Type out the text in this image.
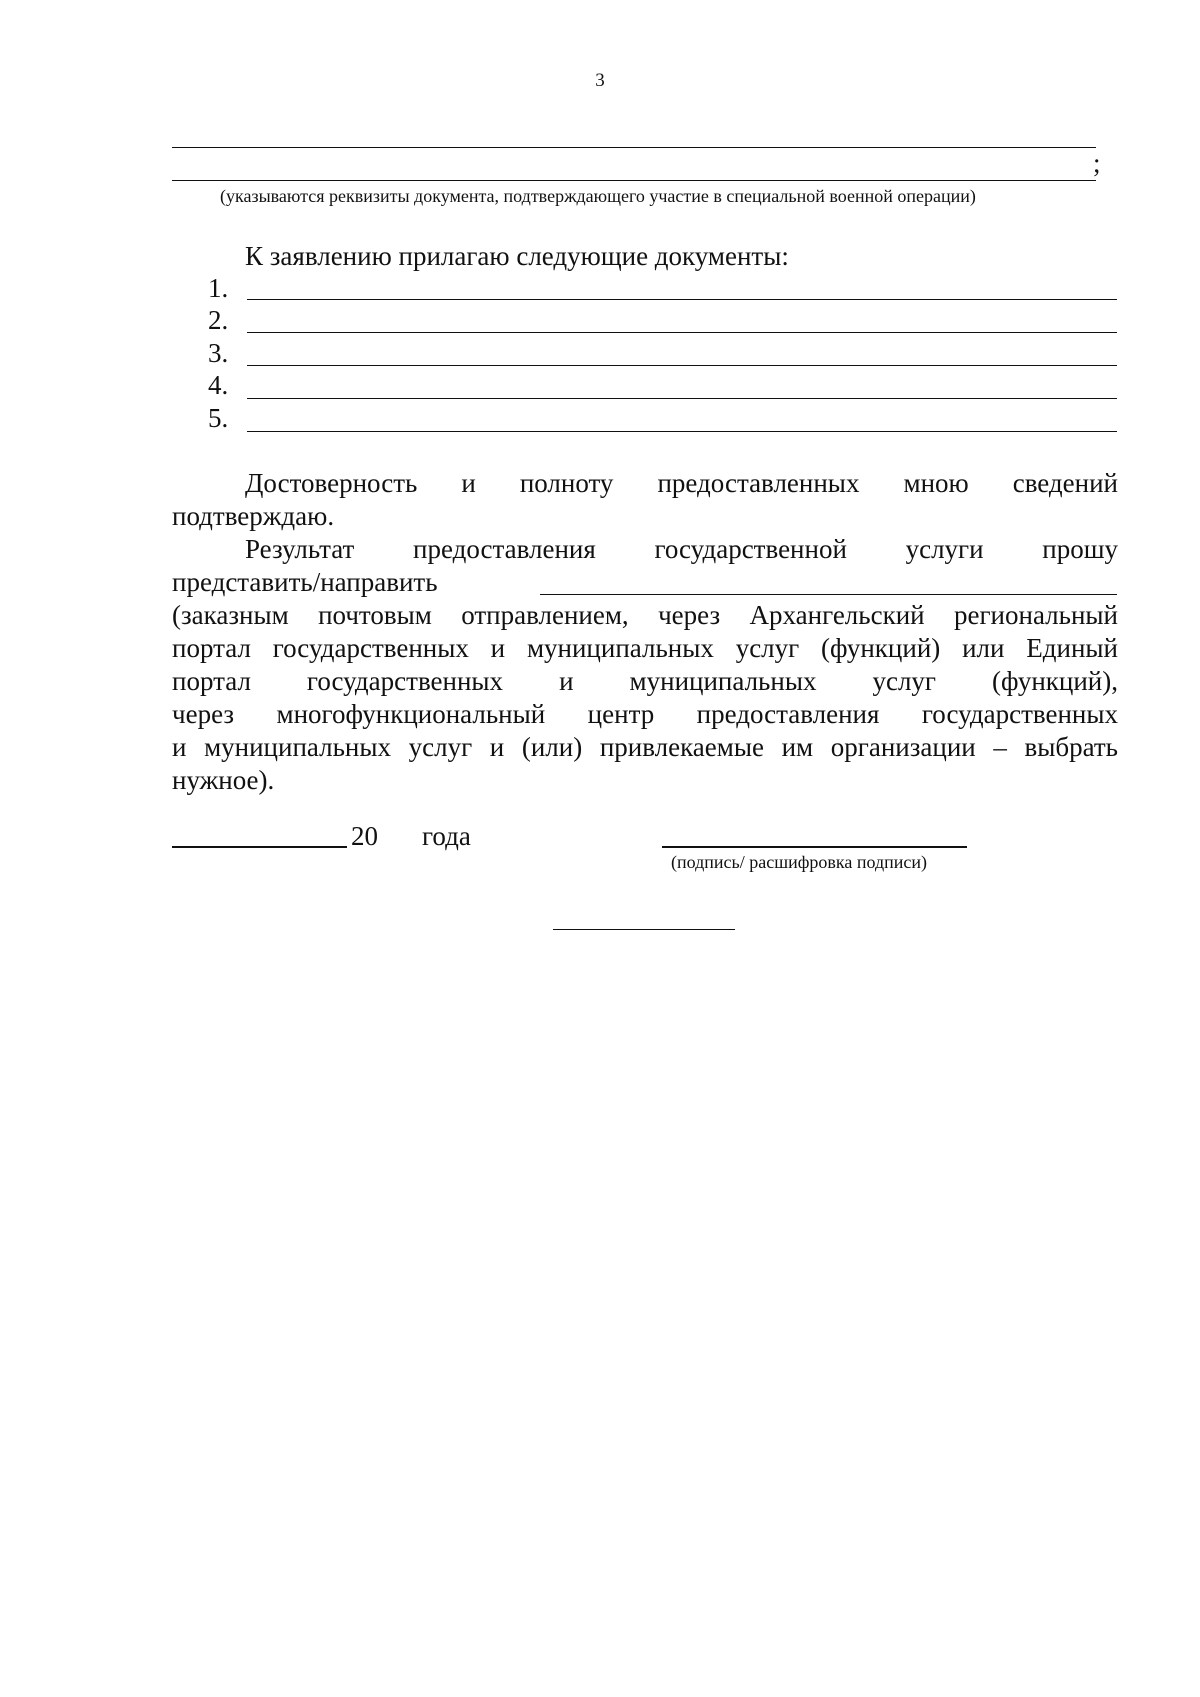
3
;
(указываются реквизиты документа, подтверждающего участие в специальной военной операции)
К заявлению прилагаю следующие документы:
1.
2.
3.
4.
5.
Достоверность и полноту предоставленных мною сведений
подтверждаю.
Результат предоставления государственной услуги прошу
представить/направить
(заказным почтовым отправлением, через Архангельский региональный
портал государственных и муниципальных услуг (функций) или Единый
портал государственных и муниципальных услуг (функций),
через многофункциональный центр предоставления государственных
и муниципальных услуг и (или) привлекаемые им организации – выбрать
нужное).
20 года
(подпись/ расшифровка подписи)
